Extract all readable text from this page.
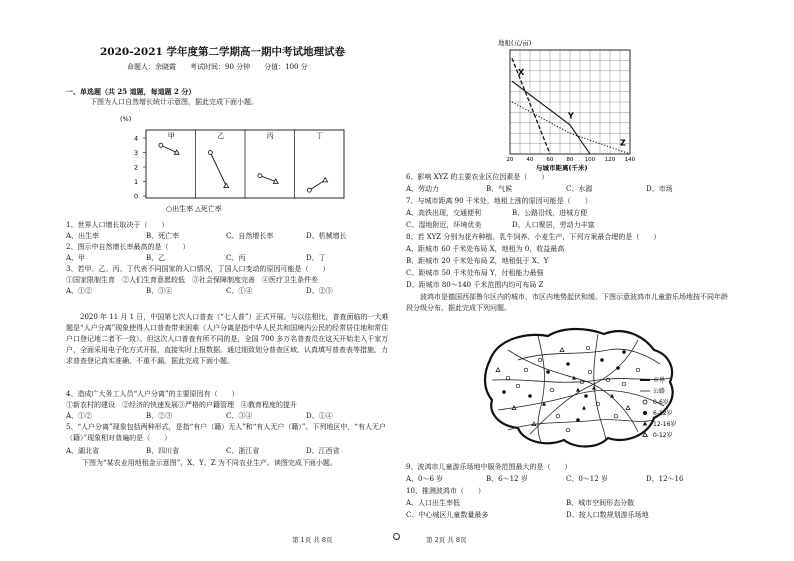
2020-2021 学年度第二学期高一期中考试地理试卷
命题人：余晓霞　　考试时间：90 分钟　　分值：100 分
一、单选题（共 25 道题，每道题 2 分）
下图为人口自然增长统计示意图，据此完成下面小题。
(%)
4
3
2
1
0
甲	乙	丙	丁
○出生率 △死亡率
1、世界人口增长取决于（　　）
A、出生率	B、死亡率	C、自然增长率	D、机械增长
2、图示中自然增长率最高的是（　　）
A、甲	B、乙	C、丙	D、丁
3、若甲、乙、丙、丁代表不同国家的人口情况，丁国人口变动的原因可能是（　　）
①国家限制生育　②人们生育意愿较低　③社会保障制度完善　④医疗卫生条件差
A、①②	B、③④	C、①④	D、②③
2020 年 11 月 1 日，中国第七次人口普查（“七人普”）正式开展。与以往相比，普查面临的一大难题是“人户分离”现象使得人口普查带来困难（人户分离是指中华人民共和国境内公民的经常居住地和常住户口登记地二者不一致）。但这次人口普查有所不同的是，全国 700 多万名普查员在这天开始走入千家万户，全面采用电子化方式开报，直接实时上报数据。通过细致划分普查区域、认真填写普查表等措施，力求普查登记真实准确、不重不漏。据此完成下面小题。
4、造成广大务工人员“人户分离”的主要原因有（　　）
①新农村的建设　②经济的快速发展③严格的户籍管理　④教育程度的提升
A、①②	B、②③	C、③④	D、①④
5、“人户分离”现象包括两种形式，是指“有户（籍）无人”和“有人无户（籍）”。下列地区中，“有人无户（籍）”现象相对普遍的是（　　）
A、湖北省	B、四川省	C、浙江省	D、江西省
下图为“某农业用地租金示意图”，X、Y、Z 为不同农业生产。读图完成下面小题。
地租(元/亩)
X
Y
Z
20 40 60 80 100 120 140
与城市距离(千米)
6、影响 XYZ 的主要农业区位因素是（　　）
A、劳动力	B、气候	C、水源	D、市场
7、与城市距离 90 千米处，地租上涨的原因可能是（　　）
A、高铁出现，交通便利	B、公路沿线，进城方便
C、湿地附近，环境优美	D、人口聚居，劳动力丰富
8、若 XYZ 分别为花卉种植、乳牛饲养、小麦生产，下列方案最合理的是（　　）
A、距城市 60 千米处布局 X，地租为 0，收益最高
B、距城市 20 千米处布局 Z，地租低于 X、Y
C、距城市 50 千米处布局 Y，付租能力最强
D、距城市 80～140 千米范围内均可布局 Z
波鸿市是德国西部鲁尔区内的城市，市区内地势起伏和缓。下图示意波鸿市儿童游乐场地按不同年龄段分级分布。据此完成下列问题。
市界
公路
0-6岁
6-12岁
12-16岁
0-12岁
9、波鸿市儿童游乐场地中服务范围最大的是（　　）
A、0～6 岁	B、6～12 岁	C、0～12 岁	D、12～16
10、推测波鸿市（　　）
A、人口出生率低	B、城市空间形态分散
C、中心城区儿童数量最多	D、按人口数规划游乐场地
第 1页 共 8页	第 2页 共 8页
